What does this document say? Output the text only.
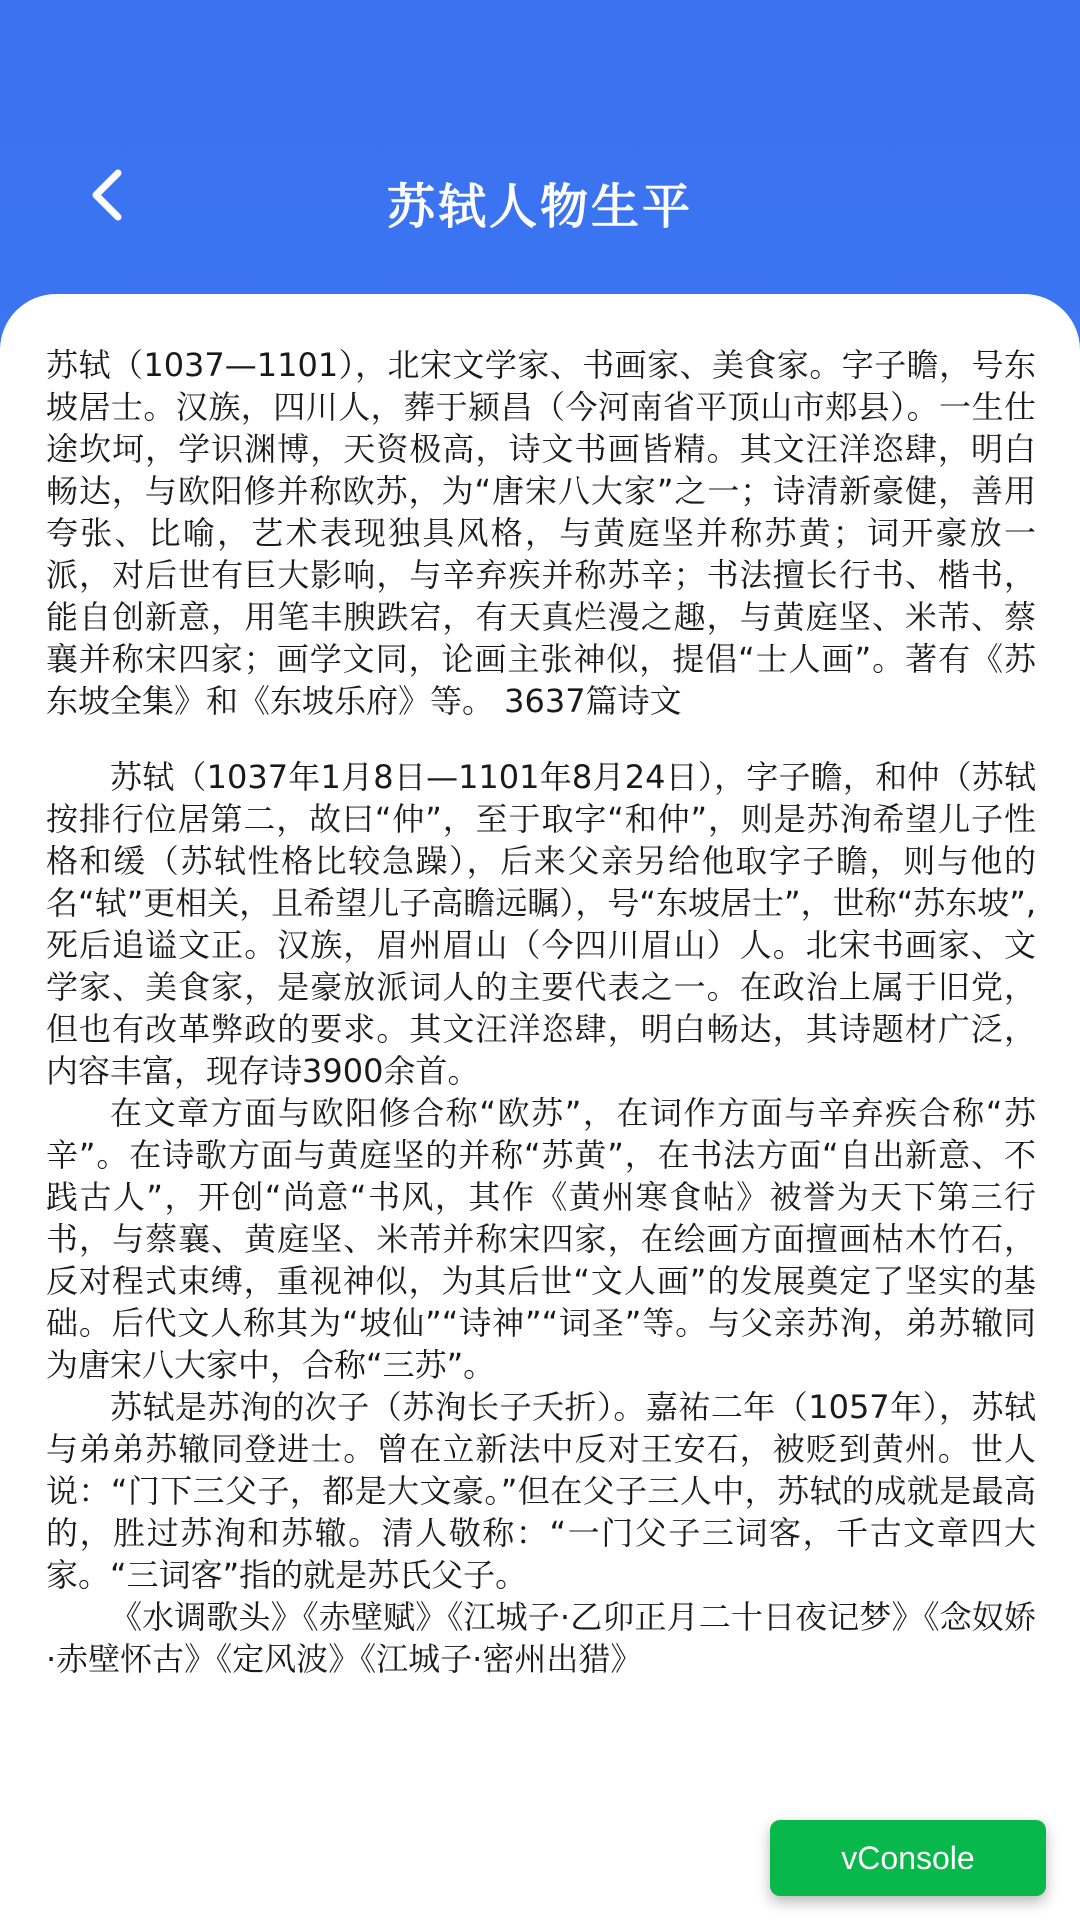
苏轼人物生平

苏轼（1037—1101），北宋文学家、书画家、美食家。字子瞻，号东坡居士。汉族，四川人，葬于颍昌（今河南省平顶山市郏县）。一生仕途坎坷，学识渊博，天资极高，诗文书画皆精。其文汪洋恣肆，明白畅达，与欧阳修并称欧苏，为“唐宋八大家”之一；诗清新豪健，善用夸张、比喻，艺术表现独具风格，与黄庭坚并称苏黄；词开豪放一派，对后世有巨大影响，与辛弃疾并称苏辛；书法擅长行书、楷书，能自创新意，用笔丰腴跌宕，有天真烂漫之趣，与黄庭坚、米芾、蔡襄并称宋四家；画学文同，论画主张神似，提倡“士人画”。著有《苏东坡全集》和《东坡乐府》等。 3637篇诗文

苏轼（1037年1月8日—1101年8月24日），字子瞻，和仲（苏轼按排行位居第二，故曰“仲”，至于取字“和仲”，则是苏洵希望儿子性格和缓（苏轼性格比较急躁），后来父亲另给他取字子瞻，则与他的名“轼”更相关，且希望儿子高瞻远瞩），号“东坡居士”，世称“苏东坡”,死后追谥文正。汉族，眉州眉山（今四川眉山）人。北宋书画家、文学家、美食家，是豪放派词人的主要代表之一。在政治上属于旧党，但也有改革弊政的要求。其文汪洋恣肆，明白畅达，其诗题材广泛，内容丰富，现存诗3900余首。

在文章方面与欧阳修合称“欧苏”，在词作方面与辛弃疾合称“苏辛”。在诗歌方面与黄庭坚的并称“苏黄”，在书法方面“自出新意、不践古人”，开创“尚意“书风，其作《黄州寒食帖》被誉为天下第三行书，与蔡襄、黄庭坚、米芾并称宋四家，在绘画方面擅画枯木竹石，反对程式束缚，重视神似，为其后世“文人画”的发展奠定了坚实的基础。后代文人称其为“坡仙”“诗神”“词圣”等。与父亲苏洵，弟苏辙同为唐宋八大家中，合称“三苏”。

苏轼是苏洵的次子（苏洵长子夭折）。嘉祐二年（1057年），苏轼与弟弟苏辙同登进士。曾在立新法中反对王安石，被贬到黄州。世人说：“门下三父子，都是大文豪。”但在父子三人中，苏轼的成就是最高的，胜过苏洵和苏辙。清人敬称：“一门父子三词客，千古文章四大家。“三词客”指的就是苏氏父子。

《水调歌头》《赤壁赋》《江城子·乙卯正月二十日夜记梦》《念奴娇·赤壁怀古》《定风波》《江城子·密州出猎》

vConsole
